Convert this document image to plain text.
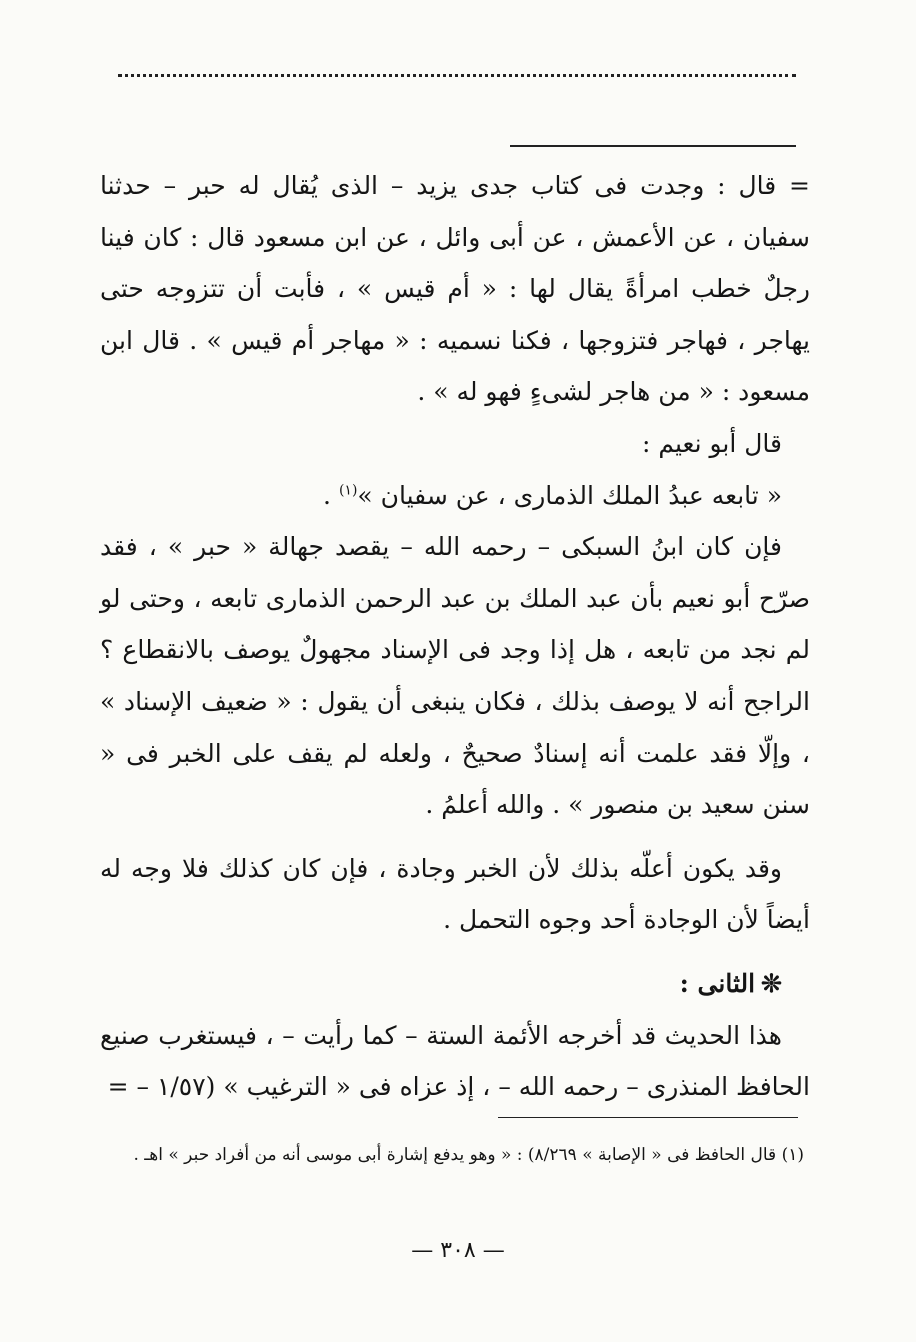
= قال : وجدت فى كتاب جدى يزيد – الذى يُقال له حبر – حدثنا سفيان ، عن الأعمش ، عن أبى وائل ، عن ابن مسعود قال : كان فينا رجلٌ خطب امرأةً يقال لها : « أم قيس » ، فأبت أن تتزوجه حتى يهاجر ، فهاجر فتزوجها ، فكنا نسميه : « مهاجر أم قيس » . قال ابن مسعود : « من هاجر لشىءٍ فهو له » .

قال أبو نعيم :

« تابعه عبدُ الملك الذمارى ، عن سفيان »$^{(١)}$ .

فإن كان ابنُ السبكى – رحمه الله – يقصد جهالة « حبر » ، فقد صرّح أبو نعيم بأن عبد الملك بن عبد الرحمن الذمارى تابعه ، وحتى لو لم نجد من تابعه ، هل إذا وجد فى الإسناد مجهولٌ يوصف بالانقطاع ؟ الراجح أنه لا يوصف بذلك ، فكان ينبغى أن يقول : « ضعيف الإسناد » ، وإلّا فقد علمت أنه إسنادٌ صحيحٌ ، ولعله لم يقف على الخبر فى « سنن سعيد بن منصور » . والله أعلمُ .

وقد يكون أعلّه بذلك لأن الخبر وجادة ، فإن كان كذلك فلا وجه له أيضاً لأن الوجادة أحد وجوه التحمل .

❊الثانى :

هذا الحديث قد أخرجه الأئمة الستة – كما رأيت – ، فيستغرب صنيع الحافظ المنذرى – رحمه الله – ، إذ عزاه فى « الترغيب » (١/٥٧ – =

(١) قال الحافظ فى « الإصابة » ٨/٢٦٩) : « وهو يدفع إشارة أبى موسى أنه من أفراد حبر » اهـ .

— ٣٠٨ —
